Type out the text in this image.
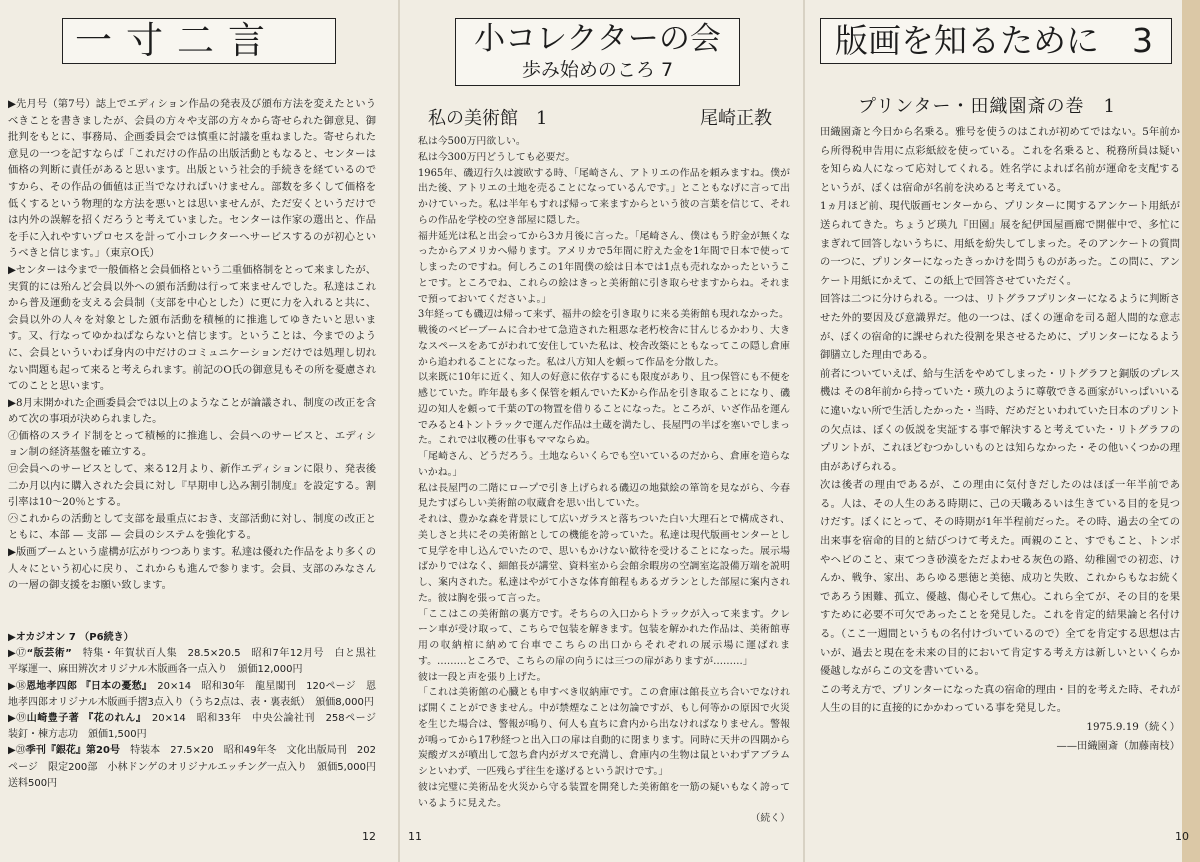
一寸二言

▶先月号（第7号）誌上でエディション作品の発表及び頒布方法を変えたというべきことを書きましたが、会員の方々や支部の方々から寄せられた御意見、御批判をもとに、事務局、企画委員会では慎重に討議を重ねました。寄せられた意見の一つを記すならば「これだけの作品の出版活動ともなると、センターは価格の判断に責任があると思います。出版という社会的手続きを経ているのですから、その作品の価値は正当でなければいけません。部数を多くして価格を低くするという物理的な方法を悪いとは思いませんが、ただ安くというだけでは内外の誤解を招くだろうと考えていました。センターは作家の選出と、作品を手に入れやすいプロセスを計って小コレクターへサービスするのが初心というべきと信じます。」（東京O氏）

▶センターは今まで一般価格と会員価格という二重価格制をとって来ましたが、実質的には殆んど会員以外への頒布活動は行って来ませんでした。私達はこれから普及運動を支える会員制（支部を中心とした）に更に力を入れると共に、会員以外の人々を対象とした頒布活動を積極的に推進してゆきたいと思います。又、行なってゆかねばならないと信じます。ということは、今までのように、会員といういわば身内の中だけのコミュニケーションだけでは処理し切れない問題も起って来ると考えられます。前記のO氏の御意見もその所を憂慮されてのことと思います。

▶8月末開かれた企画委員会では以上のようなことが論議され、制度の改正を含めて次の事項が決められました。

㋑価格のスライド制をとって積極的に推進し、会員へのサービスと、エディション制の経済基盤を確立する。

㋺会員へのサービスとして、来る12月より、新作エディションに限り、発表後二か月以内に購入された会員に対し『早期申し込み割引制度』を設定する。割引率は10〜20％とする。

㋩これからの活動として支部を最重点におき、支部活動に対し、制度の改正とともに、本部 — 支部 — 会員のシステムを強化する。

▶版画ブームという虚構が広がりつつあります。私達は優れた作品をより多くの人々にという初心に戻り、これからも進んで参ります。会員、支部のみなさんの一層の御支援をお願い致します。

▶オカジオン 7 （P6続き）

▶⑰“版芸術”　 特集・年賀状百人集　28.5×20.5　昭和7年12月号　白と黒社　平塚運一、麻田辨次オリジナル木版画各一点入り　頒価12,000円

▶⑱恩地孝四郎 『日本の憂愁』　 20×14　昭和30年　龍星閣刊　120ページ　恩地孝四郎オリジナル木版画手摺3点入り（うち2点は、表・裏表紙）　頒価8,000円

▶⑲山崎豊子著 『花のれん』　 20×14　昭和33年　中央公論社刊　258ページ　装釘・棟方志功　頒価1,500円

▶⑳季刊『銀花』第20号　 特装本　27.5×20　昭和49年冬　文化出版局刊　202ページ　限定200部　小林ドンゲのオリジナルエッチング一点入り　頒価5,000円　送料500円

12
小コレクターの会
歩み始めのころ 7
私の美術館　1	尾崎正教

私は今500万円欲しい。

私は今300万円どうしても必要だ。

1965年、磯辺行久は渡欧する時、「尾崎さん、アトリエの作品を頼みますね。僕が出た後、アトリエの土地を売ることになっているんです。」とこともなげに言って出かけていった。私は半年もすれば帰って来ますからという彼の言葉を信じて、それらの作品を学校の空き部屋に隠した。

福井延光は私と出会ってから3カ月後に言った。「尾崎さん、僕はもう貯金が無くなったからアメリカへ帰ります。アメリカで5年間に貯えた金を1年間で日本で使ってしまったのですね。何しろこの1年間僕の絵は日本では1点も売れなかったということです。ところでね、これらの絵はきっと美術館に引き取らせますからね。それまで預っておいてくださいよ。」

3年経っても磯辺は帰って来ず、福井の絵を引き取りに来る美術館も現れなかった。

戦後のベビーブームに合わせて急造された粗悪な老朽校舎に甘んじるかわり、大きなスペースをあてがわれて安住していた私は、校舎改築にともなってこの隠し倉庫から追われることになった。私は八方知人を頼って作品を分散した。

以来既に10年に近く、知人の好意に依存するにも限度があり、且つ保管にも不便を感じていた。昨年最も多く保管を頼んでいたKから作品を引き取ることになり、磯辺の知人を頼って千葉のTの物置を借りることになった。ところが、いざ作品を運んでみると4トントラックで運んだ作品は土蔵を満たし、長屋門の半ばを塞いでしまった。これでは収穫の仕事もママならぬ。

「尾崎さん、どうだろう。土地ならいくらでも空いているのだから、倉庫を造らないかね。」

私は長屋門の二階にロープで引き上げられる磯辺の地獄絵の箪笥を見ながら、今春見たすばらしい美術館の収蔵倉を思い出していた。

それは、豊かな森を背景にして広いガラスと落ちついた白い大理石とで構成され、美しさと共にその美術館としての機能を誇っていた。私達は現代版画センターとして見学を申し込んでいたので、思いもかけない歓待を受けることになった。展示場ばかりではなく、細館長が講堂、資料室から会館余暇房の空調室迄設備万端を説明し、案内された。私達はやがて小さな体育館程もあるガランとした部屋に案内された。彼は胸を張って言った。

「ここはこの美術館の裏方です。そちらの入口からトラックが入って来ます。クレーン車が受け取って、こちらで包装を解きます。包装を解かれた作品は、美術館専用の収納棺に納めて台車でこちらの出口からそれぞれの展示場に運ばれます。………ところで、こちらの扉の向うには三つの扉がありますが………」

彼は一段と声を張り上げた。

「これは美術館の心臓とも申すべき収納庫です。この倉庫は館長立ち合いでなければ開くことができません。中が禁煙なことは勿論ですが、もし何等かの原因で火災を生じた場合は、警報が鳴り、何人も直ちに倉内から出なければなりません。警報が鳴ってから17秒経つと出入口の扉は自動的に閉まります。同時に天井の四隅から炭酸ガスが噴出して忽ち倉内がガスで充満し、倉庫内の生物は鼠といわずアブラムシといわず、一匹残らず往生を遂げるという訳けです。」

彼は完璧に美術品を火災から守る装置を開発した美術館を一筋の疑いもなく誇っているように見えた。

（続く）

11
版画を知るために　3
プリンター・田織園斎の巻　1

田織園斎と今日から名乗る。雅号を使うのはこれが初めてではない。5年前から所得税申告用に点彩紙絞を使っている。これを名乗ると、税務所員は疑いを知らぬ人になって応対してくれる。姓名学によれば名前が運命を支配するというが、ぼくは宿命が名前を決めると考えている。

1ヵ月ほど前、現代版画センターから、プリンターに関するアンケート用紙が送られてきた。ちょうど瑛九『田園』展を紀伊国屋画廊で開催中で、多忙にまぎれて回答しないうちに、用紙を紛失してしまった。そのアンケートの質問の一つに、プリンターになったきっかけを問うものがあった。この問に、アンケート用紙にかえて、この紙上で回答させていただく。

回答は二つに分けられる。一つは、リトグラフプリンターになるように判断させた外的要因及び意識界だ。他の一つは、ぼくの運命を司る超人間的な意志が、ぼくの宿命的に課せられた役割を果させるために、プリンターになるよう御膳立した理由である。

前者についていえば、給与生活をやめてしまった・リトグラフと銅版のプレス機は その8年前から持っていた・瑛九のように尊敬できる画家がいっぱいいるに違いない所で生活したかった・当時、だめだといわれていた日本のプリントの欠点は、ぼくの仮説を実証する事で解決すると考えていた・リトグラフのプリントが、これほどむつかしいものとは知らなかった・その他いくつかの理由があげられる。

次は後者の理由であるが、この理由に気付きだしたのはほぼ一年半前である。人は、その人生のある時期に、己の天職あるいは生きている目的を見つけだす。ぼくにとって、その時期が1年半程前だった。その時、過去の全ての出来事を宿命的目的と結びつけて考えた。両親のこと、すでもこと、トンボやヘビのこと、束てつき砂漠をただよわせる灰色の路、幼稚園での初恋、けんか、戦争、家出、あらゆる悪徳と美徳、成功と失敗、これからもなお続くであろう困難、孤立、優越、傷心そして焦心。これら全てが、その目的を果すために必要不可欠であったことを発見した。これを肯定的結果論と名付ける。（ここ一週間というもの名付けづいているので）全てを肯定する思想は古いが、過去と現在を未来の目的において肯定する考え方は新しいといくらか優越しながらこの文を書いている。

この考え方で、プリンターになった真の宿命的理由・目的を考えた時、それが人生の目的に直接的にかかわっている事を発見した。

1975.9.19（続く）

——田織園斎（加藤南枝）

10
